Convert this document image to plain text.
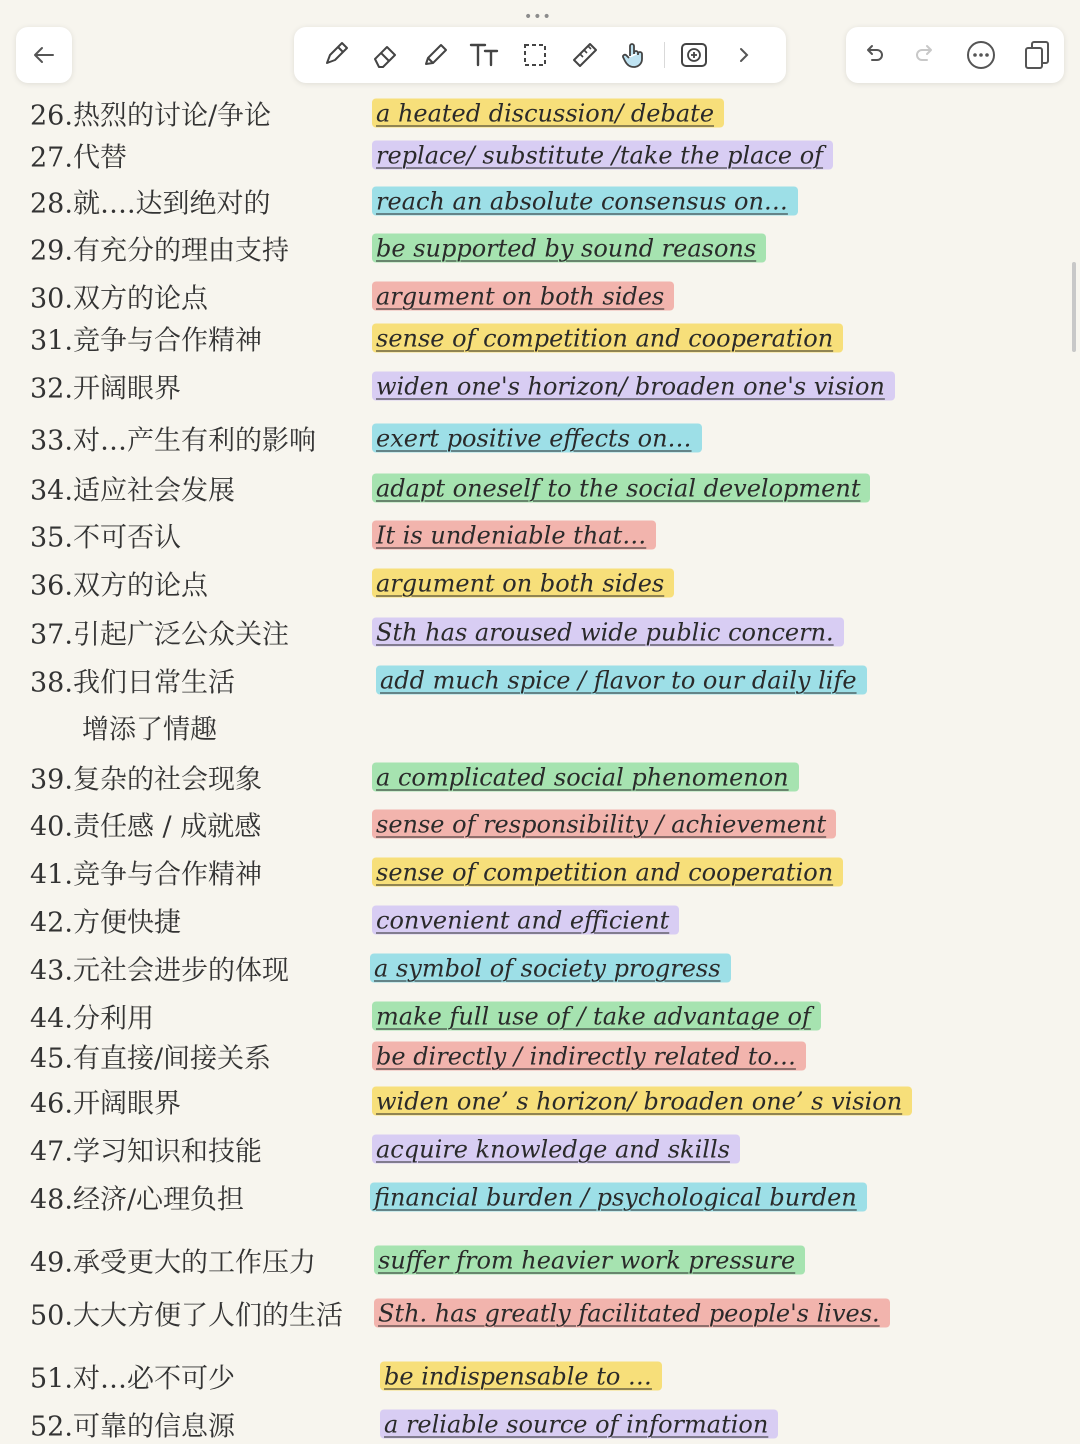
•••
26.热烈的讨论/争论	a heated discussion/ debate
27.代替	replace/ substitute /take the place of
28.就….达到绝对的	reach an absolute consensus on…
29.有充分的理由支持	be supported by sound reasons
30.双方的论点	argument on both sides
31.竞争与合作精神	sense of competition and cooperation
32.开阔眼界	widen one's horizon/ broaden one's vision
33.对…产生有利的影响	exert positive effects on…
34.适应社会发展	adapt oneself to the social development
35.不可否认	It is undeniable that…
36.双方的论点	argument on both sides
37.引起广泛公众关注	Sth has aroused wide public concern.
38.我们日常生活	add much spice / flavor to our daily life
增添了情趣
39.复杂的社会现象	a complicated social phenomenon
40.责任感 / 成就感	sense of responsibility / achievement
41.竞争与合作精神	sense of competition and cooperation
42.方便快捷	convenient and efficient
43.元社会进步的体现	a symbol of society progress
44.分利用	make full use of / take advantage of
45.有直接/间接关系	be directly / indirectly related to…
46.开阔眼界	widen one’ s horizon/ broaden one’ s vision
47.学习知识和技能	acquire knowledge and skills
48.经济/心理负担	financial burden / psychological burden
49.承受更大的工作压力	suffer from heavier work pressure
50.大大方便了人们的生活 Sth. has greatly facilitated people's lives.
51.对…必不可少	be indispensable to …
52.可靠的信息源	a reliable source of information
